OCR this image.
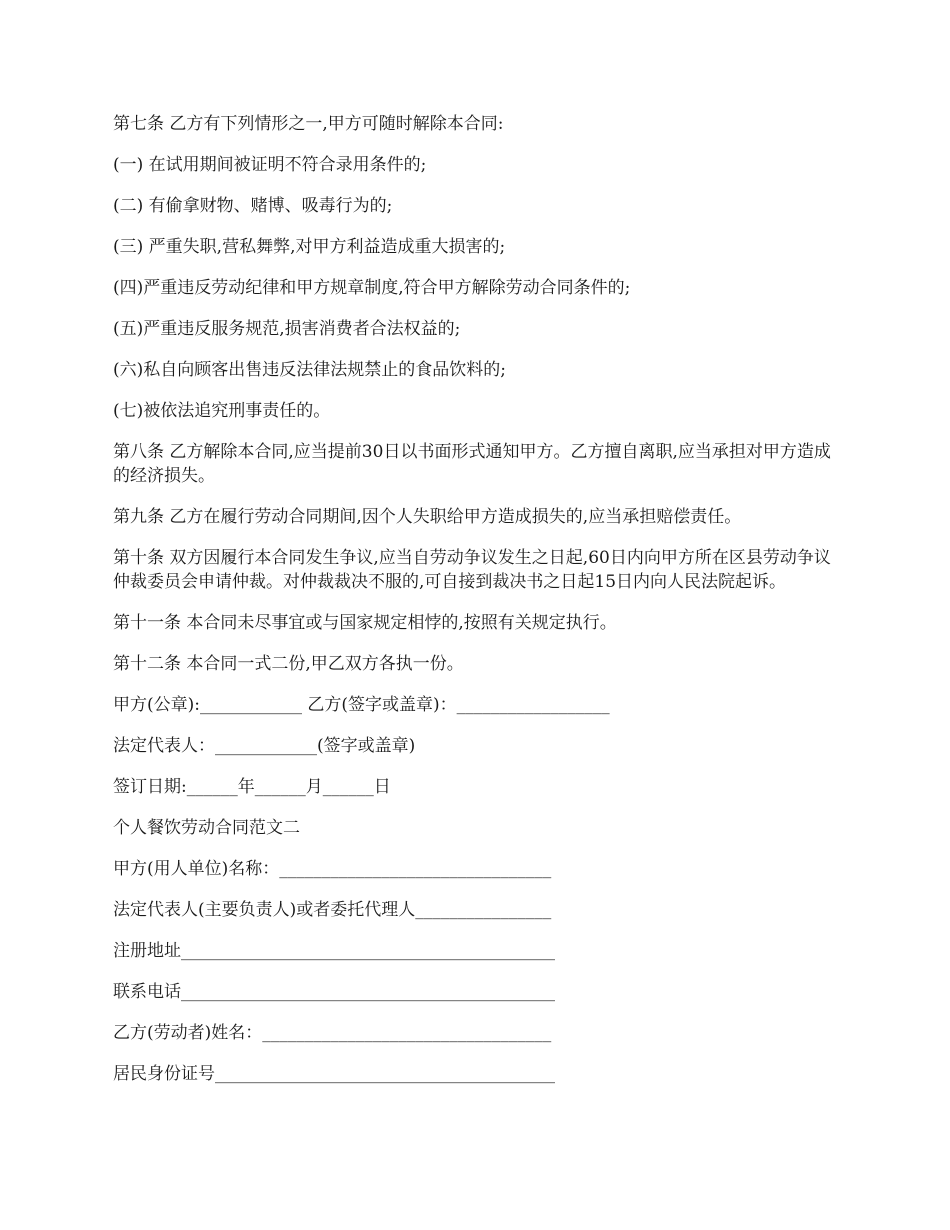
第七条 乙方有下列情形之一,甲方可随时解除本合同:

(一) 在试用期间被证明不符合录用条件的;

(二) 有偷拿财物、赌博、吸毒行为的;

(三) 严重失职,营私舞弊,对甲方利益造成重大损害的;

(四)严重违反劳动纪律和甲方规章制度,符合甲方解除劳动合同条件的;

(五)严重违反服务规范,损害消费者合法权益的;

(六)私自向顾客出售违反法律法规禁止的食品饮料的;

(七)被依法追究刑事责任的。

第八条 乙方解除本合同,应当提前30日以书面形式通知甲方。乙方擅自离职,应当承担对甲方造成的经济损失。

第九条 乙方在履行劳动合同期间,因个人失职给甲方造成损失的,应当承担赔偿责任。

第十条 双方因履行本合同发生争议,应当自劳动争议发生之日起,60日内向甲方所在区县劳动争议仲裁委员会申请仲裁。对仲裁裁决不服的,可自接到裁决书之日起15日内向人民法院起诉。

第十一条 本合同未尽事宜或与国家规定相悖的,按照有关规定执行。

第十二条 本合同一式二份,甲乙双方各执一份。

甲方(公章):____________ 乙方(签字或盖章)：__________________

法定代表人：____________(签字或盖章)

签订日期:______年______月______日

个人餐饮劳动合同范文二

甲方(用人单位)名称：________________________________

法定代表人(主要负责人)或者委托代理人________________

注册地址____________________________________________

联系电话____________________________________________

乙方(劳动者)姓名：__________________________________

居民身份证号________________________________________
